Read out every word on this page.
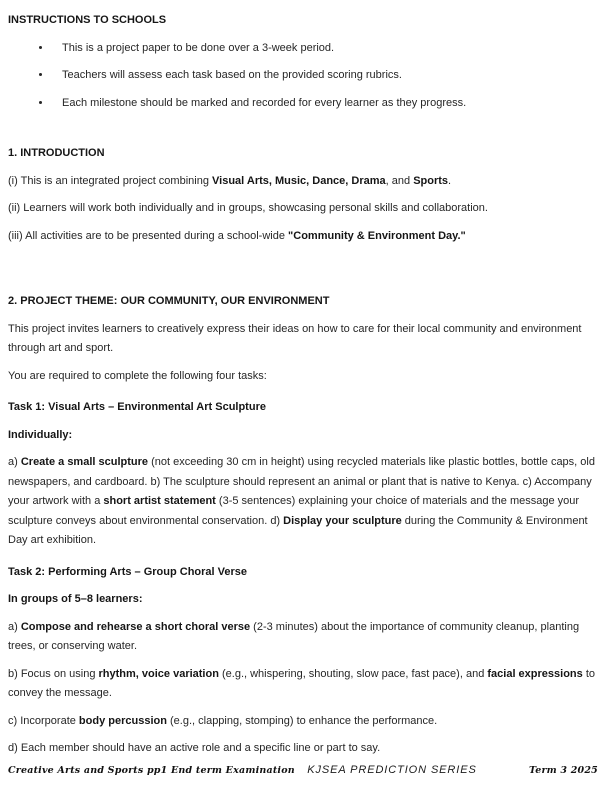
INSTRUCTIONS TO SCHOOLS
• This is a project paper to be done over a 3-week period.
• Teachers will assess each task based on the provided scoring rubrics.
• Each milestone should be marked and recorded for every learner as they progress.
1. INTRODUCTION

(i) This is an integrated project combining Visual Arts, Music, Dance, Drama, and Sports.

(ii) Learners will work both individually and in groups, showcasing personal skills and collaboration.

(iii) All activities are to be presented during a school-wide "Community & Environment Day."

2. PROJECT THEME: OUR COMMUNITY, OUR ENVIRONMENT

This project invites learners to creatively express their ideas on how to care for their local community and environment through art and sport.

You are required to complete the following four tasks:

Task 1: Visual Arts – Environmental Art Sculpture
Individually:

a) Create a small sculpture (not exceeding 30 cm in height) using recycled materials like plastic bottles, bottle caps, old newspapers, and cardboard. b) The sculpture should represent an animal or plant that is native to Kenya. c) Accompany your artwork with a short artist statement (3-5 sentences) explaining your choice of materials and the message your sculpture conveys about environmental conservation. d) Display your sculpture during the Community & Environment Day art exhibition.

Task 2: Performing Arts – Group Choral Verse
In groups of 5–8 learners:

a) Compose and rehearse a short choral verse (2-3 minutes) about the importance of community cleanup, planting trees, or conserving water.

b) Focus on using rhythm, voice variation (e.g., whispering, shouting, slow pace, fast pace), and facial expressions to convey the message.

c) Incorporate body percussion (e.g., clapping, stomping) to enhance the performance.

d) Each member should have an active role and a specific line or part to say.

Creative Arts and Sports pp1 End term Examination KJSEA PREDICTION SERIES	Term 3 2025
